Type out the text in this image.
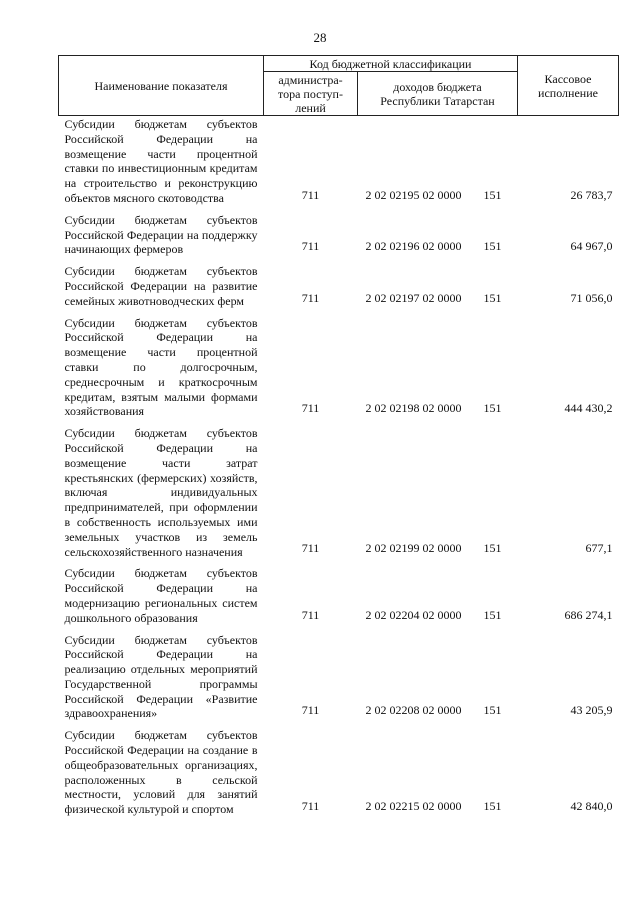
28
Наименование показателя	Код бюджетной классификации		Кассовое исполнение
	администра-тора поступ-лений	доходов бюджета Республики Татарстан	
Субсидии бюджетам субъектов Российской Федерации на возмещение части процентной ставки по инвестиционным кредитам на строительство и реконструкцию объектов мясного скотоводства	711	2 02 02195 02 0000 151	26 783,7
Субсидии бюджетам субъектов Российской Федерации на поддержку начинающих фермеров	711	2 02 02196 02 0000 151	64 967,0
Субсидии бюджетам субъектов Российской Федерации на развитие семейных животноводческих ферм	711	2 02 02197 02 0000 151	71 056,0
Субсидии бюджетам субъектов Российской Федерации на возмещение части процентной ставки по долгосрочным, среднесрочным и краткосрочным кредитам, взятым малыми формами хозяйствования	711	2 02 02198 02 0000 151	444 430,2
Субсидии бюджетам субъектов Российской Федерации на возмещение части затрат крестьянских (фермерских) хозяйств, включая индивидуальных предпринимателей, при оформлении в собственность используемых ими земельных участков из земель сельскохозяйственного назначения	711	2 02 02199 02 0000 151	677,1
Субсидии бюджетам субъектов Российской Федерации на модернизацию региональных систем дошкольного образования	711	2 02 02204 02 0000 151	686 274,1
Субсидии бюджетам субъектов Российской Федерации на реализацию отдельных мероприятий Государственной программы Российской Федерации «Развитие здравоохранения»	711	2 02 02208 02 0000 151	43 205,9
Субсидии бюджетам субъектов Российской Федерации на создание в общеобразовательных организациях, расположенных в сельской местности, условий для занятий физической культурой и спортом	711	2 02 02215 02 0000 151	42 840,0
